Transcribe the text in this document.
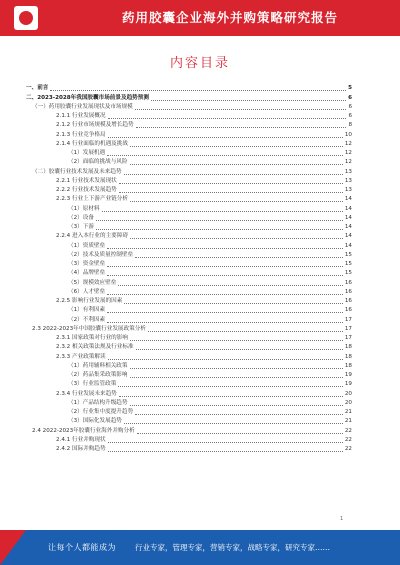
药用胶囊企业海外并购策略研究报告
内容目录
一、前言	5
二、2023-2028年我国胶囊市场前景及趋势预测	6
（一）药用胶囊行业发展现状及市场规模	6
2.1.1 行业发展概况	6
2.1.2 行业市场规模及增长趋势	8
2.1.3 行业竞争格局	10
2.1.4 行业面临的机遇及挑战	12
（1）发展机遇	12
（2）面临的挑战与风险	12
（二）胶囊行业技术发展及未来趋势	13
2.2.1 行业技术发展现状	13
2.2.2 行业技术发展趋势	13
2.2.3 行业上下游产业链分析	14
（1）原材料	14
（2）设备	14
（3）下游	14
2.2.4 进入本行业的主要障碍	14
（1）资质壁垒	14
（2）技术及质量控制壁垒	15
（3）资金壁垒	15
（4）品牌壁垒	15
（5）规模效应壁垒	16
（6）人才壁垒	16
2.2.5 影响行业发展的因素	16
（1）有利因素	16
（2）不利因素	17
2.3 2022-2023年中国胶囊行业发展政策分析	17
2.3.1 国家政策对行业的影响	17
2.3.2 相关政策法规及行业标准	18
2.3.3 产业政策解读	18
（1）药用辅料相关政策	18
（2）药品集采政策影响	19
（3）行业监管政策	19
2.3.4 行业发展未来趋势	20
（1）产品结构升级趋势	20
（2）行业集中度提升趋势	21
（3）国际化发展趋势	21
2.4 2022-2023年胶囊行业海外并购分析	22
2.4.1 行业并购现状	22
2.4.2 国际并购趋势	22
1
让每个人都能成为	行业专家，管理专家，营销专家，战略专家，研究专家……
